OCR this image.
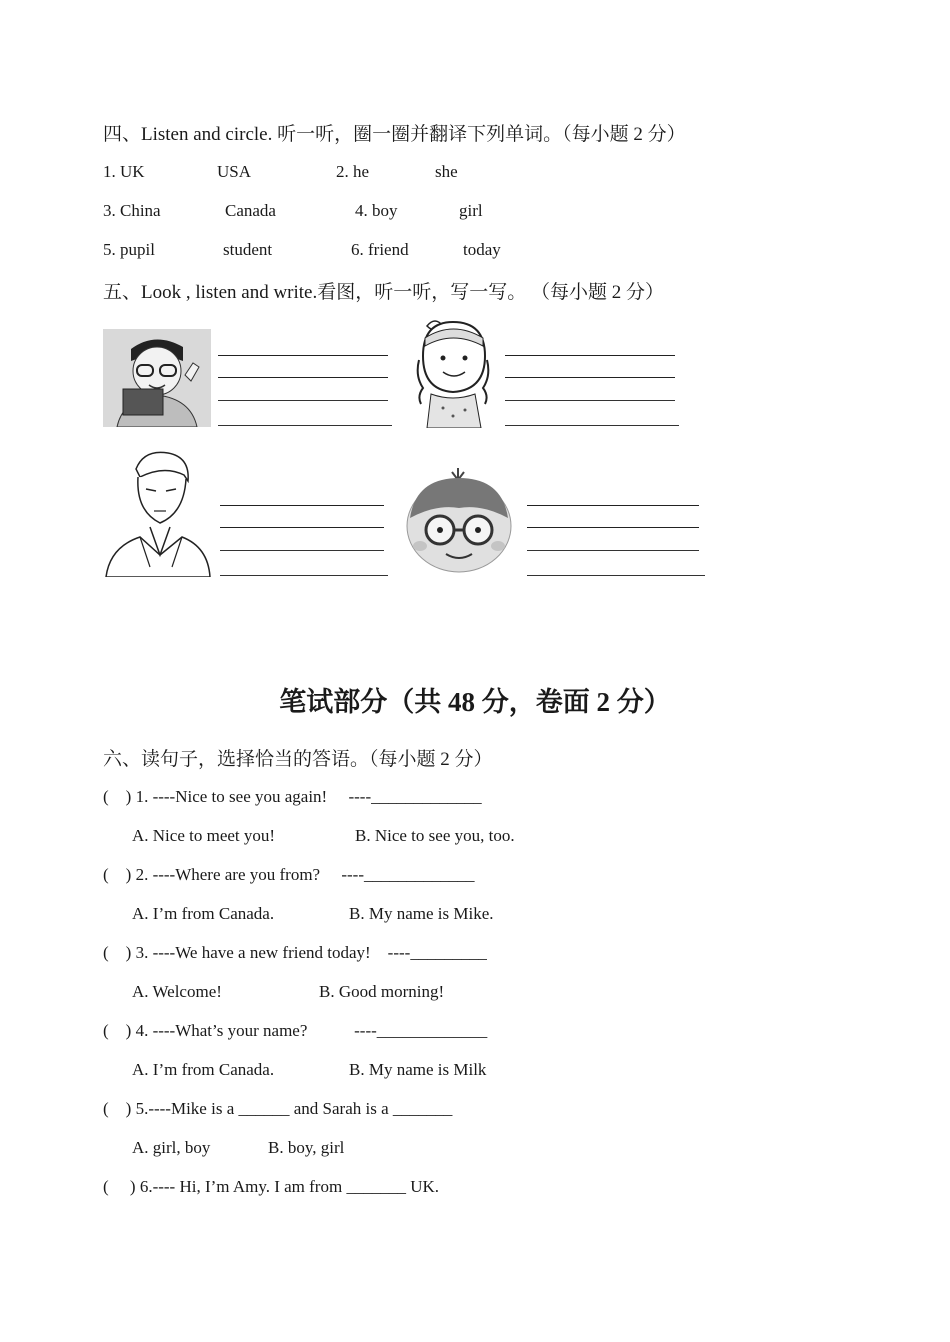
四、Listen and circle. 听一听，圈一圈并翻译下列单词。（每小题 2 分）
1. UK	USA	2. he	she
3. China	Canada	4. boy	girl
5. pupil	student	6. friend	today
五、Look , listen and write.看图，听一听，写一写。 （每小题 2 分）
笔试部分（共 48 分，卷面 2 分）
六、读句子，选择恰当的答语。（每小题 2 分）
(    ) 1. ----Nice to see you again!     ----_____________
A. Nice to meet you!	B. Nice to see you, too.
(    ) 2. ----Where are you from?     ----_____________
A. I’m from Canada.	B. My name is Mike.
(    ) 3. ----We have a new friend today!    ----_________
A. Welcome!	B. Good morning!
(    ) 4. ----What’s your name?           ----_____________
A. I’m from Canada.	B. My name is Milk
(    ) 5.----Mike is a ______ and Sarah is a _______
A. girl, boy	B. boy, girl
(     ) 6.---- Hi, I’m Amy. I am from _______ UK.
